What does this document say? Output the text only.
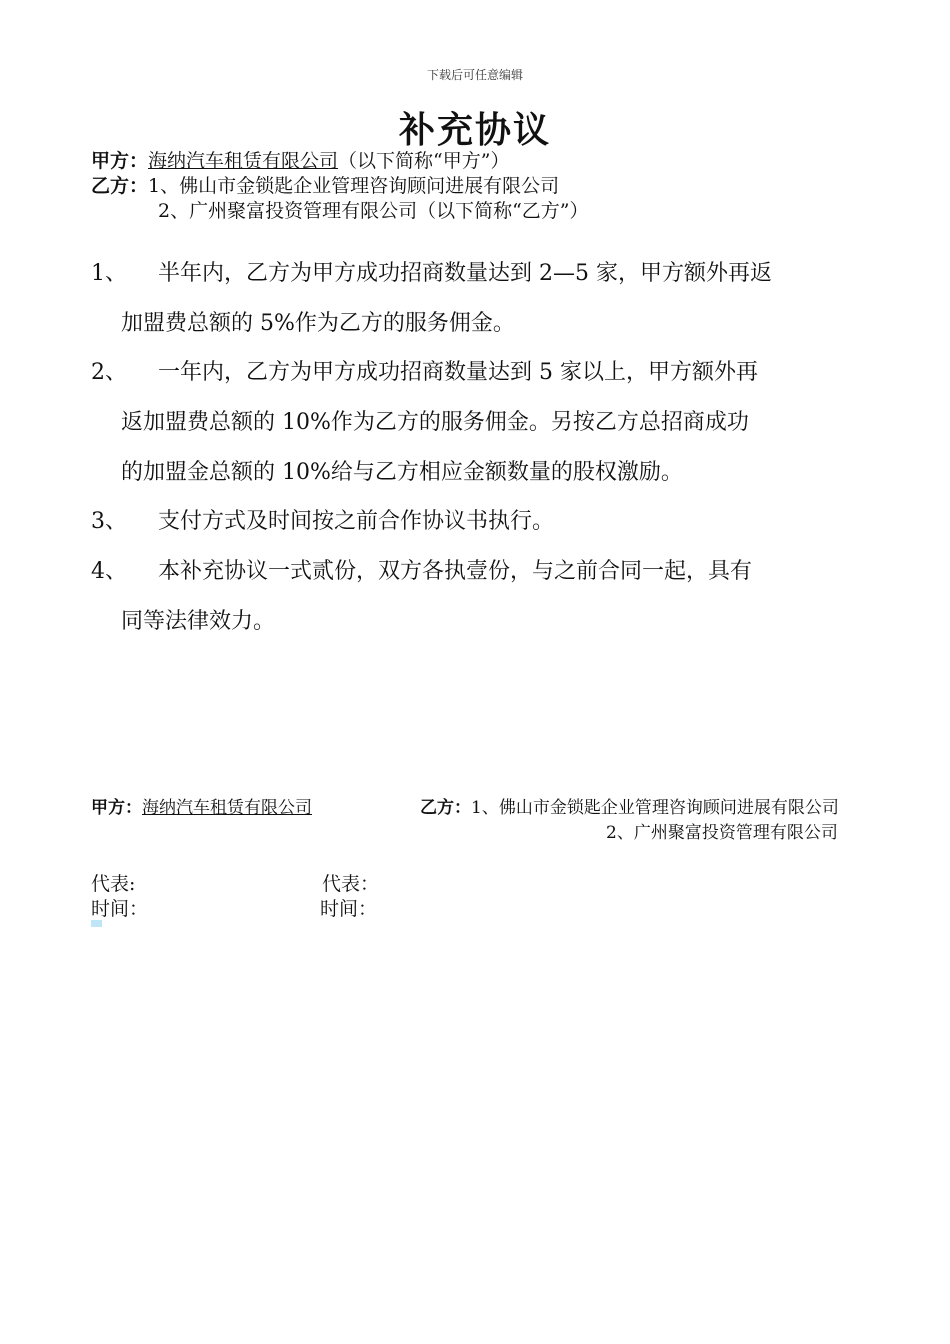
下载后可任意编辑
补充协议
甲方：海纳汽车租赁有限公司（以下简称“甲方”）
乙方：1、佛山市金锁匙企业管理咨询顾问进展有限公司
2、广州聚富投资管理有限公司（以下简称“乙方”）
1、 半年内，乙方为甲方成功招商数量达到 2—5 家，甲方额外再返
加盟费总额的 5%作为乙方的服务佣金。
2、 一年内，乙方为甲方成功招商数量达到 5 家以上，甲方额外再
返加盟费总额的 10%作为乙方的服务佣金。另按乙方总招商成功
的加盟金总额的 10%给与乙方相应金额数量的股权激励。
3、 支付方式及时间按之前合作协议书执行。
4、 本补充协议一式贰份，双方各执壹份，与之前合同一起，具有
同等法律效力。
甲方：海纳汽车租赁有限公司	乙方：1、佛山市金锁匙企业管理咨询顾问进展有限公司
2、广州聚富投资管理有限公司
代表:	代表：
时间：	时间：
